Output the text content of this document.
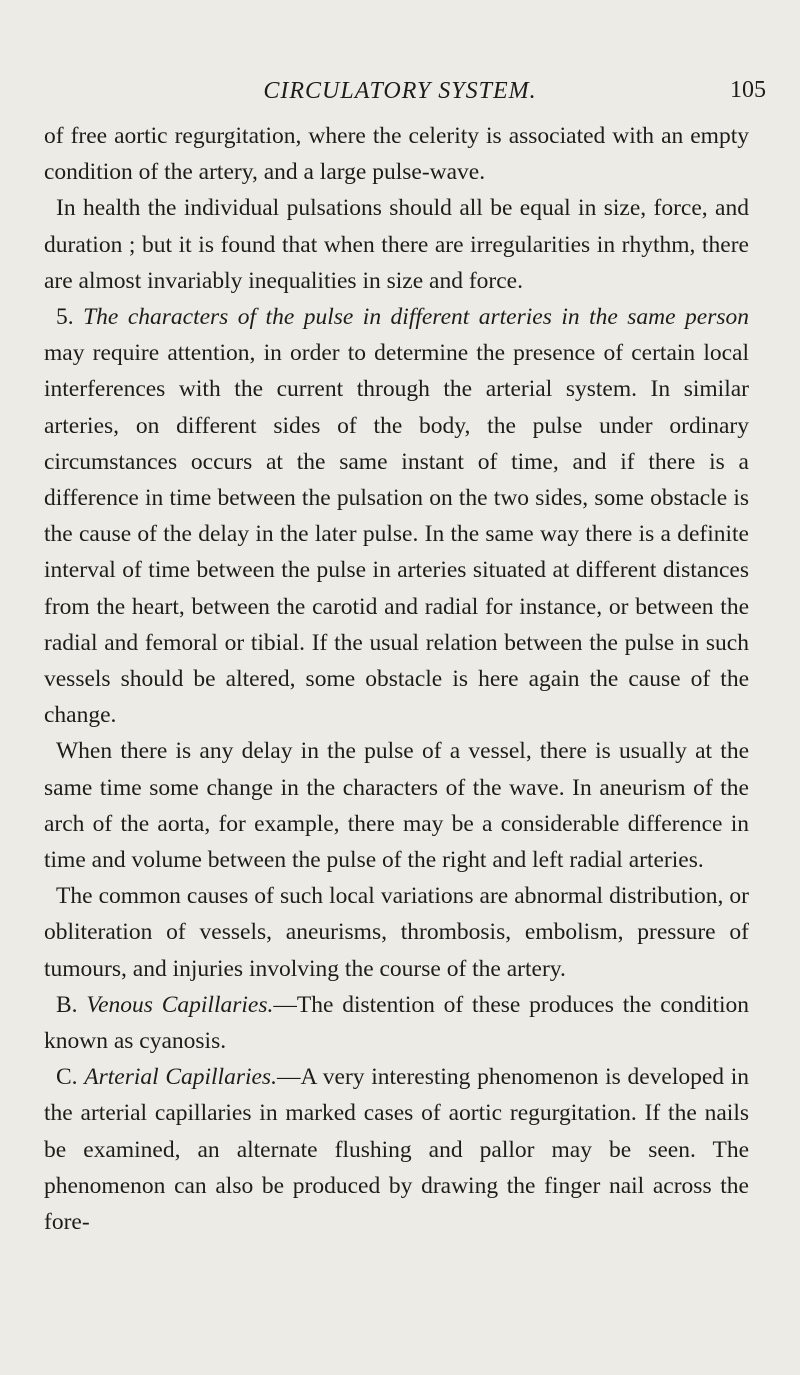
CIRCULATORY SYSTEM.	105

of free aortic regurgitation, where the celerity is associated with an empty condition of the artery, and a large pulse-wave.

In health the individual pulsations should all be equal in size, force, and duration ; but it is found that when there are irregularities in rhythm, there are almost invariably inequalities in size and force.

5. The characters of the pulse in different arteries in the same person may require attention, in order to determine the presence of certain local interferences with the current through the arterial system. In similar arteries, on different sides of the body, the pulse under ordinary circumstances occurs at the same instant of time, and if there is a difference in time between the pulsation on the two sides, some obstacle is the cause of the delay in the later pulse. In the same way there is a definite interval of time between the pulse in arteries situated at different distances from the heart, between the carotid and radial for instance, or between the radial and femoral or tibial. If the usual relation between the pulse in such vessels should be altered, some obstacle is here again the cause of the change.

When there is any delay in the pulse of a vessel, there is usually at the same time some change in the characters of the wave. In aneurism of the arch of the aorta, for example, there may be a considerable difference in time and volume between the pulse of the right and left radial arteries.

The common causes of such local variations are abnormal distribution, or obliteration of vessels, aneurisms, thrombosis, embolism, pressure of tumours, and injuries involving the course of the artery.

B. Venous Capillaries.—The distention of these produces the condition known as cyanosis.

C. Arterial Capillaries.—A very interesting phenomenon is developed in the arterial capillaries in marked cases of aortic regurgitation. If the nails be examined, an alternate flushing and pallor may be seen. The phenomenon can also be produced by drawing the finger nail across the fore-
